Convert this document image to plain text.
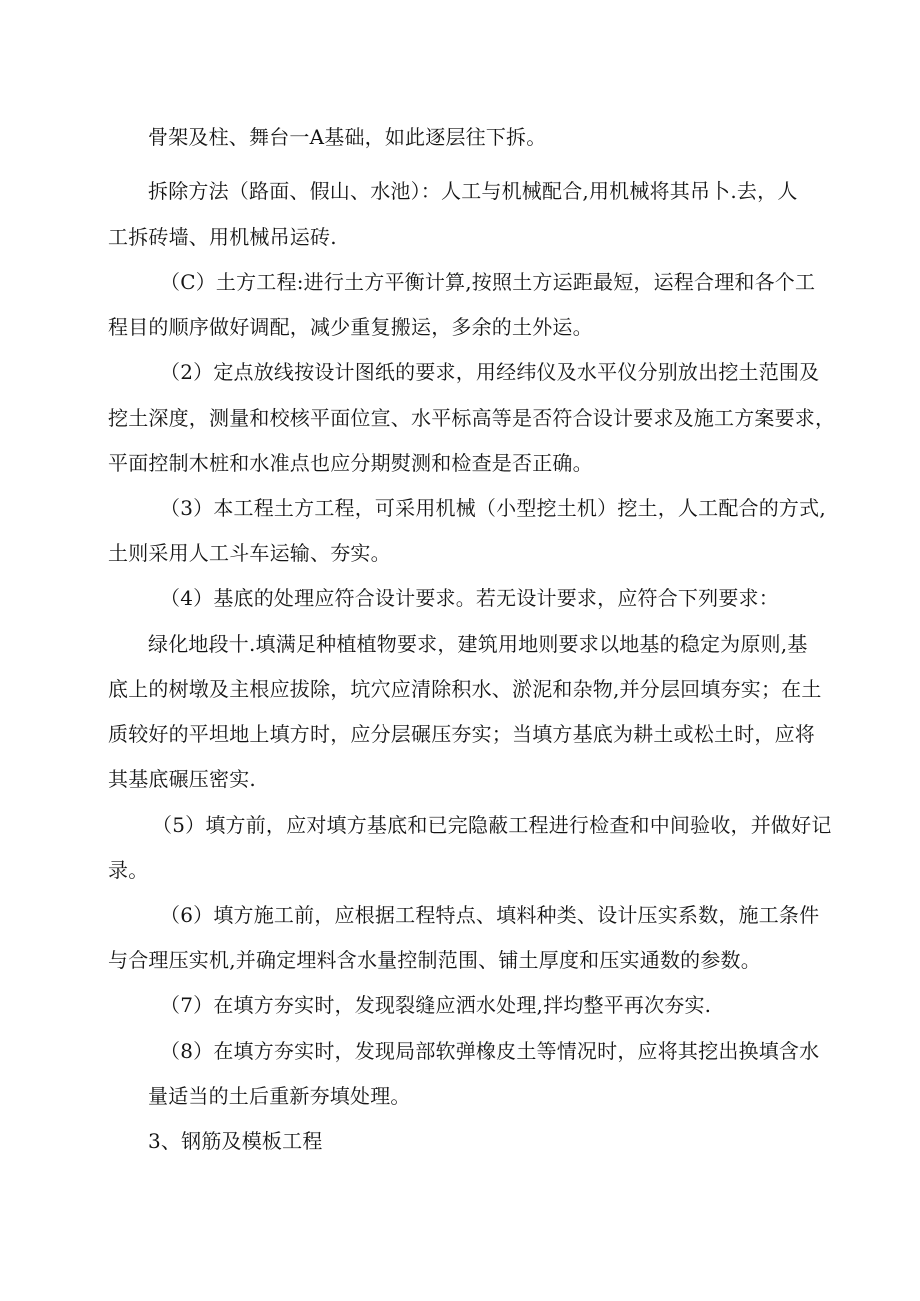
骨架及柱、舞台一A基础，如此逐层往下拆。
拆除方法（路面、假山、水池）：人工与机械配合,用机械将其吊卜.去，人
工拆砖墙、用机械吊运砖.
（C）土方工程:进行土方平衡计算,按照土方运距最短，运程合理和各个工
程目的顺序做好调配，减少重复搬运，多余的土外运。
（2）定点放线按设计图纸的要求，用经纬仪及水平仪分别放出挖土范围及
挖土深度，测量和校核平面位宣、水平标高等是否符合设计要求及施工方案要求，
平面控制木桩和水准点也应分期熨测和检查是否正确。
（3）本工程土方工程，可采用机械（小型挖土机）挖土，人工配合的方式,
土则采用人工斗车运输、夯实。
（4）基底的处理应符合设计要求。若无设计要求，应符合下列要求：
绿化地段十.填满足种植植物要求，建筑用地则要求以地基的稳定为原则,基
底上的树墩及主根应拔除，坑穴应清除积水、淤泥和杂物,并分层回填夯实；在土
质较好的平坦地上填方时，应分层碾压夯实；当填方基底为耕土或松土时，应将
其基底碾压密实.
（5）填方前，应对填方基底和已完隐蔽工程进行检查和中间验收，并做好记
录。
（6）填方施工前，应根据工程特点、填料种类、设计压实系数，施工条件
与合理压实机,并确定埋料含水量控制范围、铺土厚度和压实通数的参数。
（7）在填方夯实时，发现裂缝应洒水处理,拌均整平再次夯实.
（8）在填方夯实时，发现局部软弹橡皮土等情况时，应将其挖出换填含水
量适当的土后重新夯填处理。
3、钢筋及模板工程
